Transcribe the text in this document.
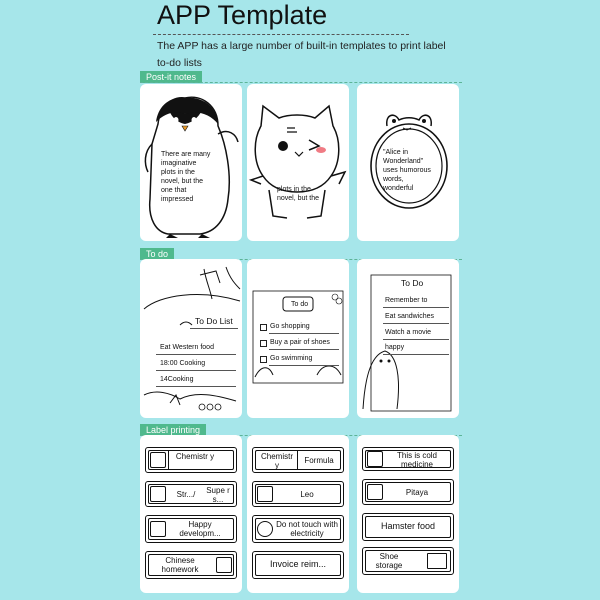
APP Template
The APP has a large number of built-in templates to print label to-do lists
Post-it notes
There are many imaginative plots in the novel, but the one that impressed
plots in the novel, but the
"Alice in Wonderland" uses humorous words, wonderful
To do
To Do List
Eat Western food
18:00 Cooking
14Cooking
To do
Go shopping
Buy a pair of shoes
Go swimming
To Do
Remember to
Eat sandwiches
Watch a movie
happy
Label printing
Chemistr y
Str.../	Supe r s...
Happy developm...
Chinese homework
Chemistr y
Formula
Leo
Do not touch with electricity
Invoice reim...
This is cold medicine
Pitaya
Hamster food
Shoe storage
